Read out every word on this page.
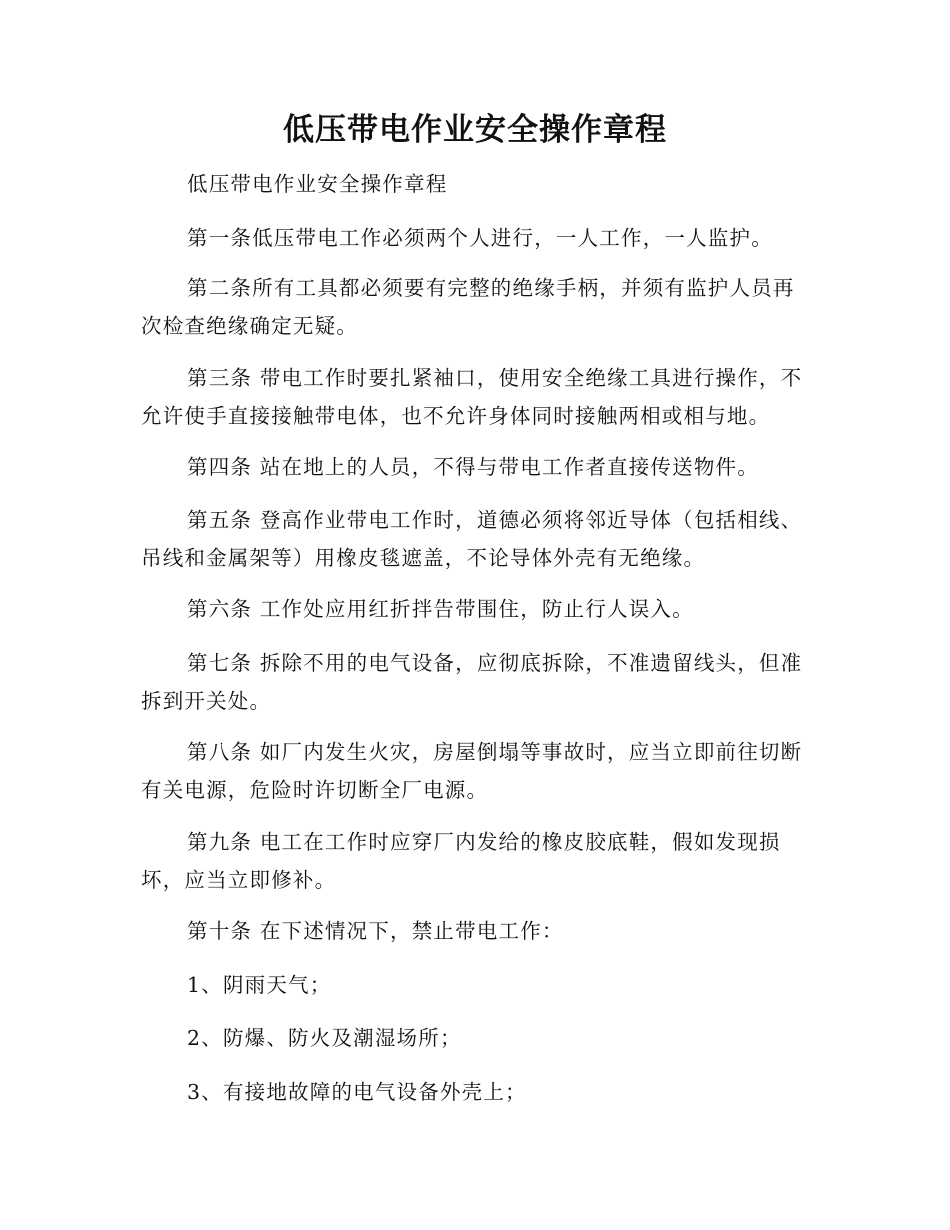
低压带电作业安全操作章程

低压带电作业安全操作章程

第一条低压带电工作必须两个人进行，一人工作，一人监护。

第二条所有工具都必须要有完整的绝缘手柄，并须有监护人员再次检查绝缘确定无疑。

第三条 带电工作时要扎紧袖口，使用安全绝缘工具进行操作，不允许使手直接接触带电体，也不允许身体同时接触两相或相与地。

第四条 站在地上的人员，不得与带电工作者直接传送物件。

第五条 登高作业带电工作时，道德必须将邻近导体（包括相线、吊线和金属架等）用橡皮毯遮盖，不论导体外壳有无绝缘。

第六条 工作处应用红折拌告带围住，防止行人误入。

第七条 拆除不用的电气设备，应彻底拆除，不准遗留线头，但准拆到开关处。

第八条 如厂内发生火灾，房屋倒塌等事故时，应当立即前往切断有关电源，危险时许切断全厂电源。

第九条 电工在工作时应穿厂内发给的橡皮胶底鞋，假如发现损坏，应当立即修补。

第十条 在下述情况下，禁止带电工作：

1、阴雨天气；

2、防爆、防火及潮湿场所；

3、有接地故障的电气设备外壳上；
